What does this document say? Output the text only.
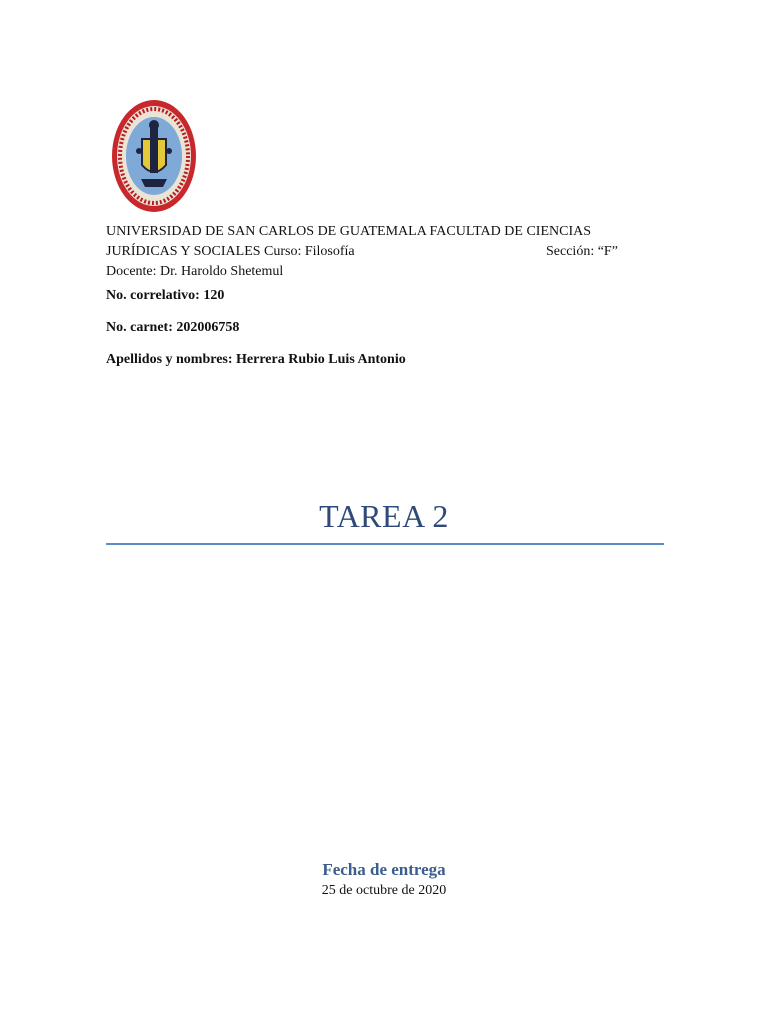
UNIVERSIDAD DE SAN CARLOS DE GUATEMALA FACULTAD DE CIENCIAS
JURÍDICAS Y SOCIALES Curso: Filosofía	Sección: “F”
Docente: Dr. Haroldo Shetemul
No. correlativo: 120
No. carnet: 202006758
Apellidos y nombres: Herrera Rubio Luis Antonio
TAREA 2
Fecha de entrega
25 de octubre de 2020
